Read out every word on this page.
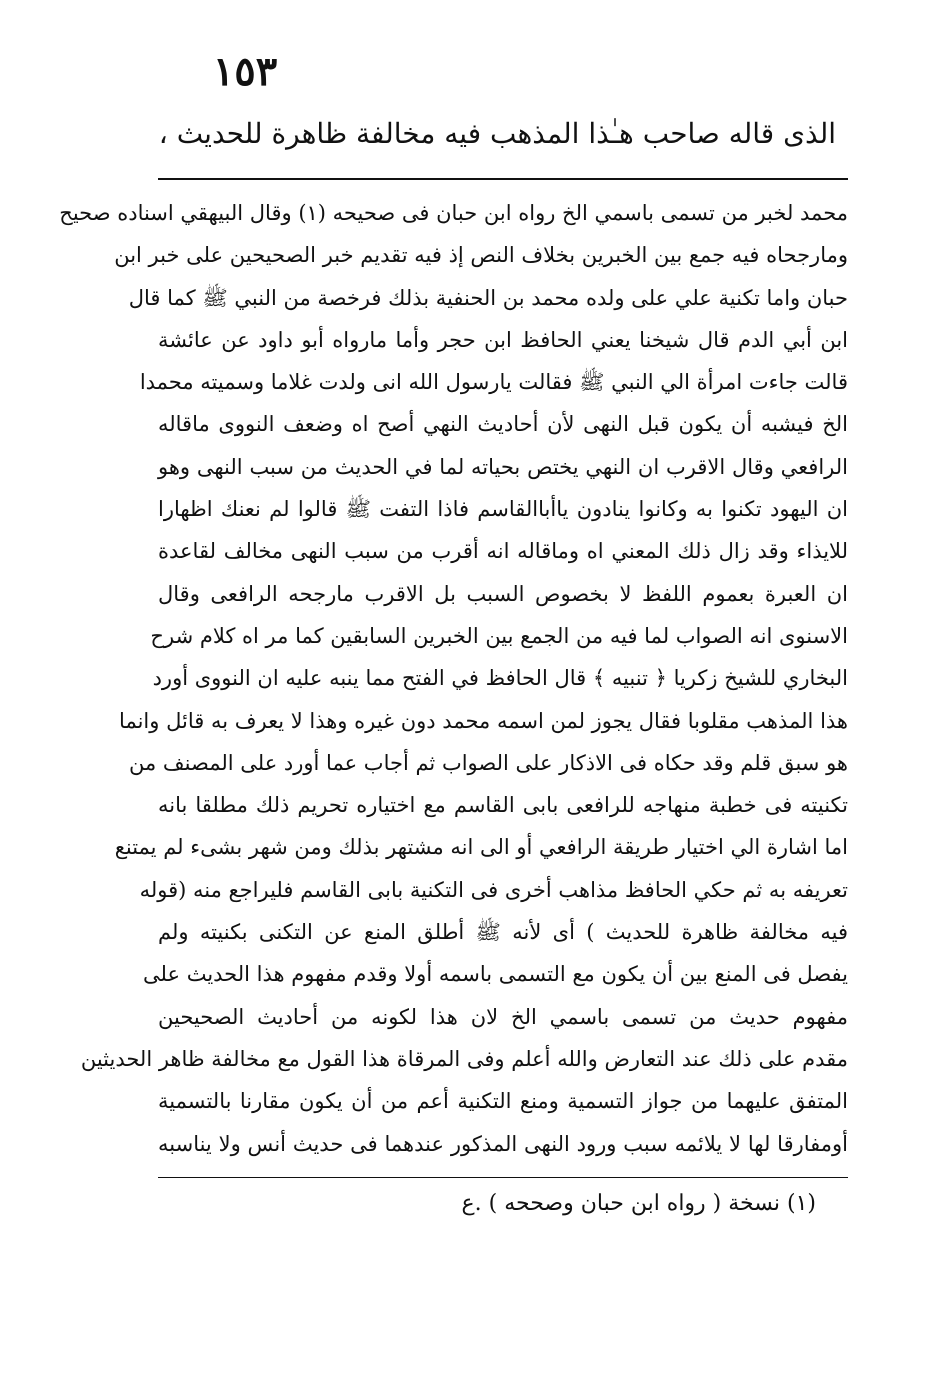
١٥٣
الذى قاله صاحب هـٰذا المذهب فيه مخالفة ظاهرة للحديث ،
محمد لخبر من تسمى باسمي الخ رواه ابن حبان فى صحيحه (١) وقال البيهقي اسناده صحيح
ومارجحاه فيه جمع بين الخبرين بخلاف النص إذ فيه تقديم خبر الصحيحين على خبر ابن
حبان واما تكنية علي على ولده محمد بن الحنفية بذلك فرخصة من النبي ﷺ كما قال
ابن أبي الدم قال شيخنا يعني الحافظ ابن حجر وأما مارواه أبو داود عن عائشة
قالت جاءت امرأة الي النبي ﷺ فقالت يارسول الله انى ولدت غلاما وسميته محمدا
الخ فيشبه أن يكون قبل النهى لأن أحاديث النهي أصح اه وضعف النووى ماقاله
الرافعي وقال الاقرب ان النهي يختص بحياته لما في الحديث من سبب النهى وهو
ان اليهود تكنوا به وكانوا ينادون ياأباالقاسم فاذا التفت ﷺ قالوا لم نعنك اظهارا
للايذاء وقد زال ذلك المعني اه وماقاله انه أقرب من سبب النهى مخالف لقاعدة
ان العبرة بعموم اللفظ لا بخصوص السبب بل الاقرب مارجحه الرافعى وقال
الاسنوى انه الصواب لما فيه من الجمع بين الخبرين السابقين كما مر اه كلام شرح
البخاري للشيخ زكريا ﴿ تنبيه ﴾ قال الحافظ في الفتح مما ينبه عليه ان النووى أورد
هذا المذهب مقلوبا فقال يجوز لمن اسمه محمد دون غيره وهذا لا يعرف به قائل وانما
هو سبق قلم وقد حكاه فى الاذكار على الصواب ثم أجاب عما أورد على المصنف من
تكنيته فى خطبة منهاجه للرافعى بابى القاسم مع اختياره تحريم ذلك مطلقا بانه
اما اشارة الي اختيار طريقة الرافعي أو الى انه مشتهر بذلك ومن شهر بشىء لم يمتنع
تعريفه به ثم حكي الحافظ مذاهب أخرى فى التكنية بابى القاسم فليراجع منه (قوله
فيه مخالفة ظاهرة للحديث ) أى لأنه ﷺ أطلق المنع عن التكنى بكنيته ولم
يفصل فى المنع بين أن يكون مع التسمى باسمه أولا وقدم مفهوم هذا الحديث على
مفهوم حديث من تسمى باسمي الخ لان هذا لكونه من أحاديث الصحيحين
مقدم على ذلك عند التعارض والله أعلم وفى المرقاة هذا القول مع مخالفة ظاهر الحديثين
المتفق عليهما من جواز التسمية ومنع التكنية أعم من أن يكون مقارنا بالتسمية
أومفارقا لها لا يلائمه سبب ورود النهى المذكور عندهما فى حديث أنس ولا يناسبه
(١) نسخة ( رواه ابن حبان وصححه ) .ع
